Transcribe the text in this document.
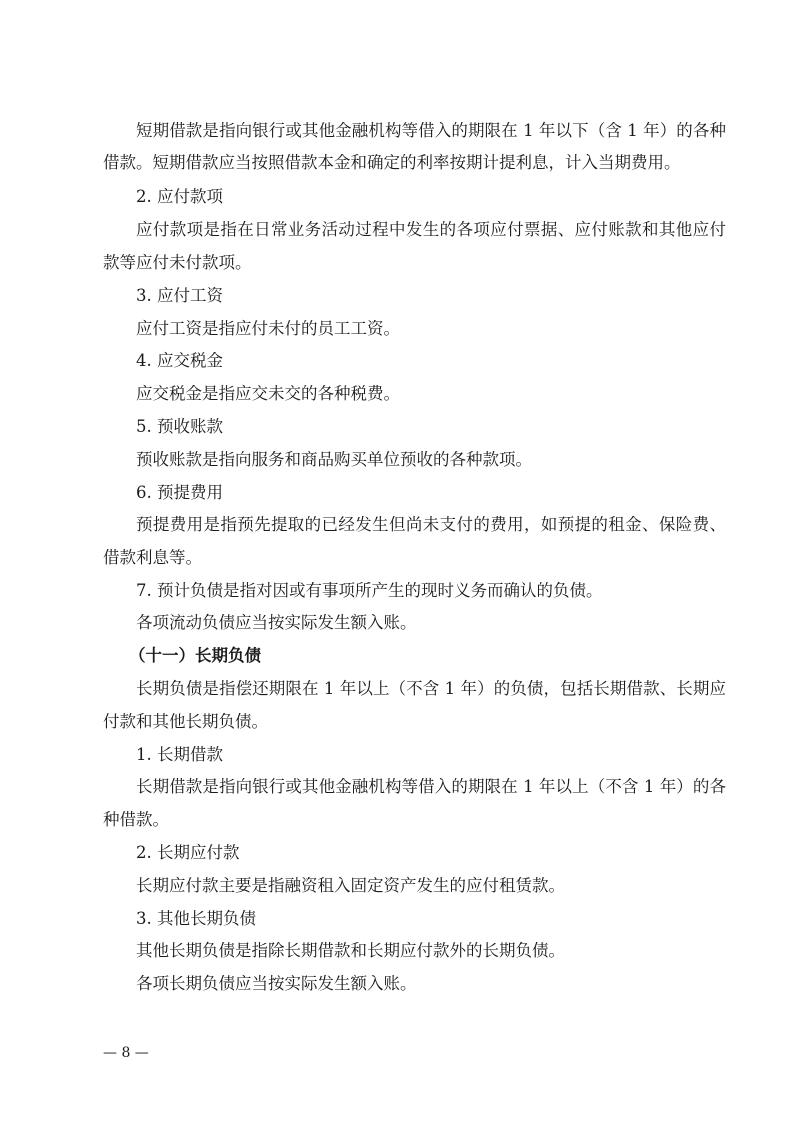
短期借款是指向银行或其他金融机构等借入的期限在 1 年以下（含 1 年）的各种
借款。短期借款应当按照借款本金和确定的利率按期计提利息，计入当期费用。
2. 应付款项
应付款项是指在日常业务活动过程中发生的各项应付票据、应付账款和其他应付
款等应付未付款项。
3. 应付工资
应付工资是指应付未付的员工工资。
4. 应交税金
应交税金是指应交未交的各种税费。
5. 预收账款
预收账款是指向服务和商品购买单位预收的各种款项。
6. 预提费用
预提费用是指预先提取的已经发生但尚未支付的费用，如预提的租金、保险费、
借款利息等。
7. 预计负债是指对因或有事项所产生的现时义务而确认的负债。
各项流动负债应当按实际发生额入账。
（十一）长期负债
长期负债是指偿还期限在 1 年以上（不含 1 年）的负债，包括长期借款、长期应
付款和其他长期负债。
1. 长期借款
长期借款是指向银行或其他金融机构等借入的期限在 1 年以上（不含 1 年）的各
种借款。
2. 长期应付款
长期应付款主要是指融资租入固定资产发生的应付租赁款。
3. 其他长期负债
其他长期负债是指除长期借款和长期应付款外的长期负债。
各项长期负债应当按实际发生额入账。
— 8 —
